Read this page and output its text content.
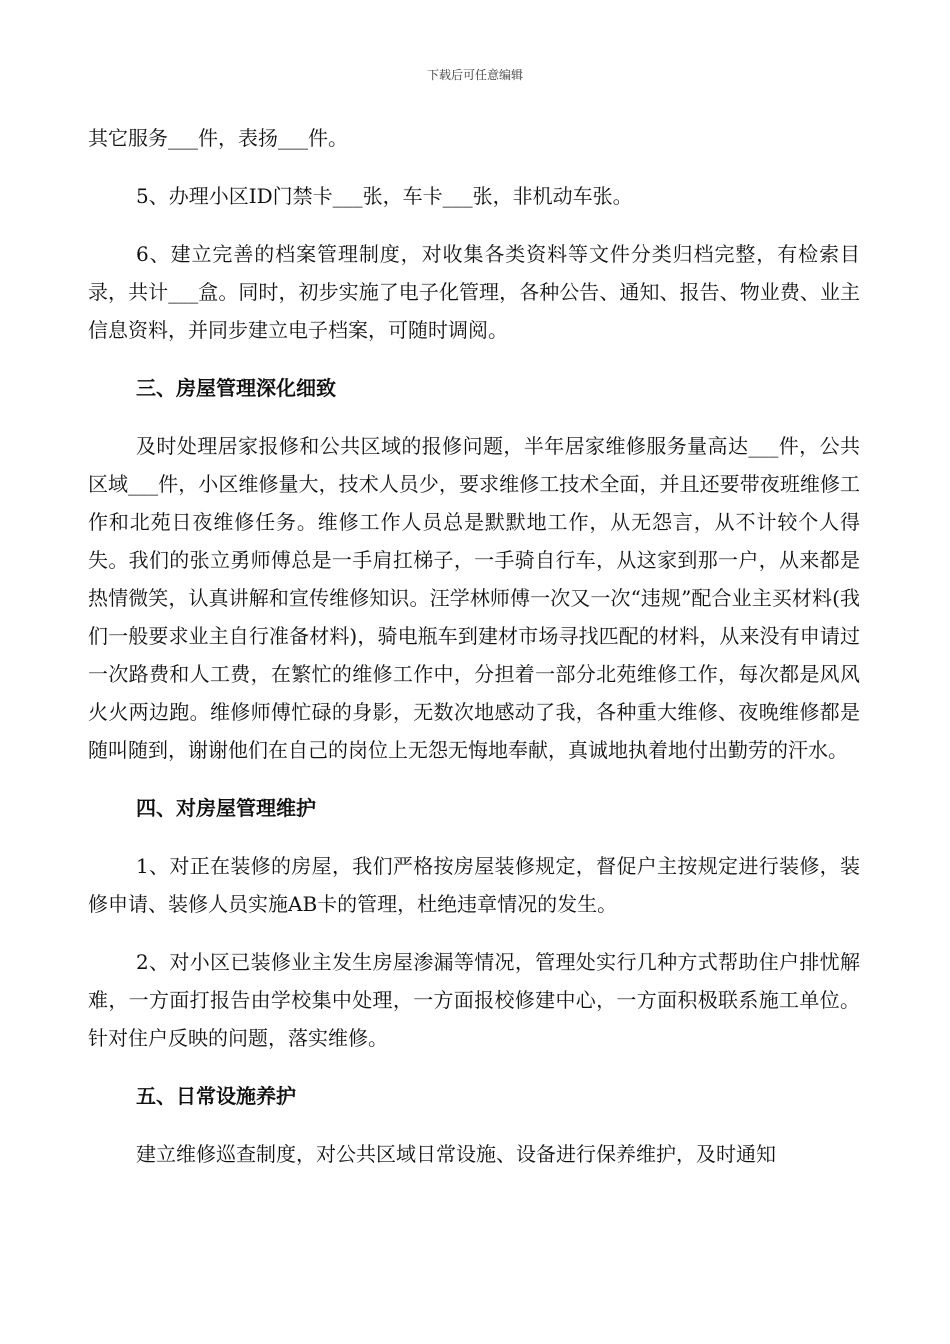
下载后可任意编辑

其它服务___件，表扬___件。

5、办理小区ID门禁卡___张，车卡___张，非机动车张。

6、建立完善的档案管理制度，对收集各类资料等文件分类归档完整，有检索目录，共计___盒。同时，初步实施了电子化管理，各种公告、通知、报告、物业费、业主信息资料，并同步建立电子档案，可随时调阅。

三、房屋管理深化细致

及时处理居家报修和公共区域的报修问题，半年居家维修服务量高达___件，公共区域___件，小区维修量大，技术人员少，要求维修工技术全面，并且还要带夜班维修工作和北苑日夜维修任务。维修工作人员总是默默地工作，从无怨言，从不计较个人得失。我们的张立勇师傅总是一手肩扛梯子，一手骑自行车，从这家到那一户，从来都是热情微笑，认真讲解和宣传维修知识。汪学林师傅一次又一次“违规”配合业主买材料(我们一般要求业主自行准备材料)，骑电瓶车到建材市场寻找匹配的材料，从来没有申请过一次路费和人工费，在繁忙的维修工作中，分担着一部分北苑维修工作，每次都是风风火火两边跑。维修师傅忙碌的身影，无数次地感动了我，各种重大维修、夜晚维修都是随叫随到，谢谢他们在自己的岗位上无怨无悔地奉献，真诚地执着地付出勤劳的汗水。

四、对房屋管理维护

1、对正在装修的房屋，我们严格按房屋装修规定，督促户主按规定进行装修，装修申请、装修人员实施AB卡的管理，杜绝违章情况的发生。

2、对小区已装修业主发生房屋渗漏等情况，管理处实行几种方式帮助住户排忧解难，一方面打报告由学校集中处理，一方面报校修建中心，一方面积极联系施工单位。针对住户反映的问题，落实维修。

五、日常设施养护

建立维修巡查制度，对公共区域日常设施、设备进行保养维护，及时通知
